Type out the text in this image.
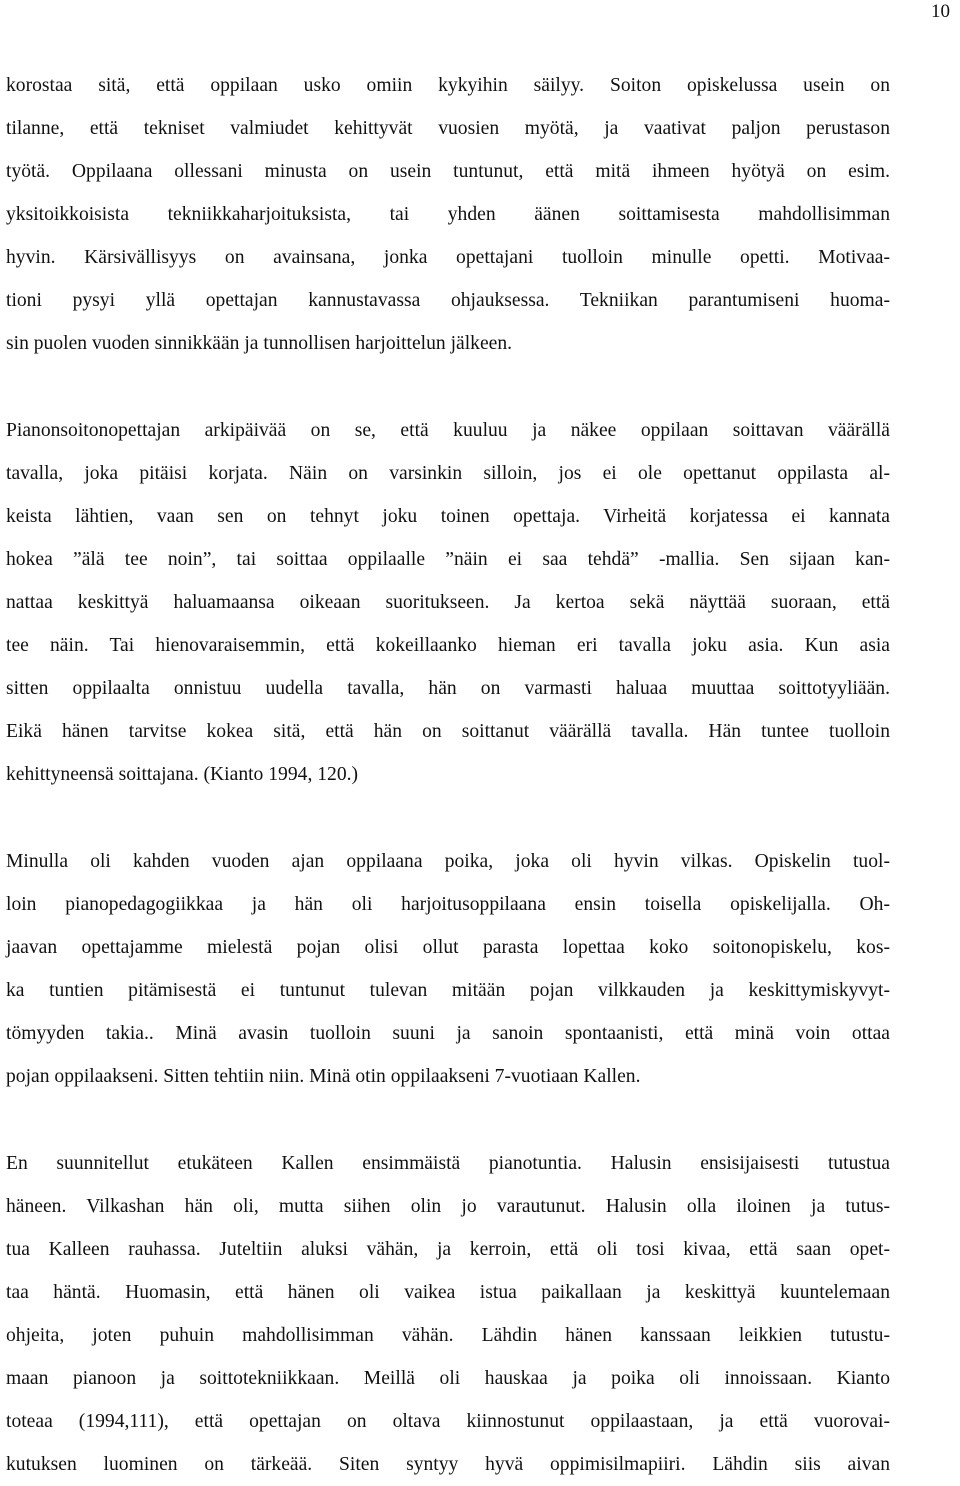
10
korostaa sitä, että oppilaan usko omiin kykyihin säilyy. Soiton opiskelussa usein on
tilanne, että tekniset valmiudet kehittyvät vuosien myötä, ja vaativat paljon perustason
työtä. Oppilaana ollessani minusta on usein tuntunut, että mitä ihmeen hyötyä on esim.
yksitoikkoisista tekniikkaharjoituksista, tai yhden äänen soittamisesta mahdollisimman
hyvin. Kärsivällisyys on avainsana, jonka opettajani tuolloin minulle opetti. Motivaa-
tioni pysyi yllä opettajan kannustavassa ohjauksessa. Tekniikan parantumiseni huoma-
sin puolen vuoden sinnikkään ja tunnollisen harjoittelun jälkeen.
Pianonsoitonopettajan arkipäivää on se, että kuuluu ja näkee oppilaan soittavan väärällä
tavalla, joka pitäisi korjata. Näin on varsinkin silloin, jos ei ole opettanut oppilasta al-
keista lähtien, vaan sen on tehnyt joku toinen opettaja. Virheitä korjatessa ei kannata
hokea ”älä tee noin”, tai soittaa oppilaalle ”näin ei saa tehdä” -mallia. Sen sijaan kan-
nattaa keskittyä haluamaansa oikeaan suoritukseen. Ja kertoa sekä näyttää suoraan, että
tee näin. Tai hienovaraisemmin, että kokeillaanko hieman eri tavalla joku asia. Kun asia
sitten oppilaalta onnistuu uudella tavalla, hän on varmasti haluaa muuttaa soittotyyliään.
Eikä hänen tarvitse kokea sitä, että hän on soittanut väärällä tavalla. Hän tuntee tuolloin
kehittyneensä soittajana. (Kianto 1994, 120.)
Minulla oli kahden vuoden ajan oppilaana poika, joka oli hyvin vilkas. Opiskelin tuol-
loin pianopedagogiikkaa ja hän oli harjoitusoppilaana ensin toisella opiskelijalla. Oh-
jaavan opettajamme mielestä pojan olisi ollut parasta lopettaa koko soitonopiskelu, kos-
ka tuntien pitämisestä ei tuntunut tulevan mitään pojan vilkkauden ja keskittymiskyvyt-
tömyyden takia.. Minä avasin tuolloin suuni ja sanoin spontaanisti, että minä voin ottaa
pojan oppilaakseni. Sitten tehtiin niin. Minä otin oppilaakseni 7-vuotiaan Kallen.
En suunnitellut etukäteen Kallen ensimmäistä pianotuntia. Halusin ensisijaisesti tutustua
häneen. Vilkashan hän oli, mutta siihen olin jo varautunut. Halusin olla iloinen ja tutus-
tua Kalleen rauhassa. Juteltiin aluksi vähän, ja kerroin, että oli tosi kivaa, että saan opet-
taa häntä. Huomasin, että hänen oli vaikea istua paikallaan ja keskittyä kuuntelemaan
ohjeita, joten puhuin mahdollisimman vähän. Lähdin hänen kanssaan leikkien tutustu-
maan pianoon ja soittotekniikkaan. Meillä oli hauskaa ja poika oli innoissaan. Kianto
toteaa (1994,111), että opettajan on oltava kiinnostunut oppilaastaan, ja että vuorovai-
kutuksen luominen on tärkeää. Siten syntyy hyvä oppimisilmapiiri. Lähdin siis aivan
